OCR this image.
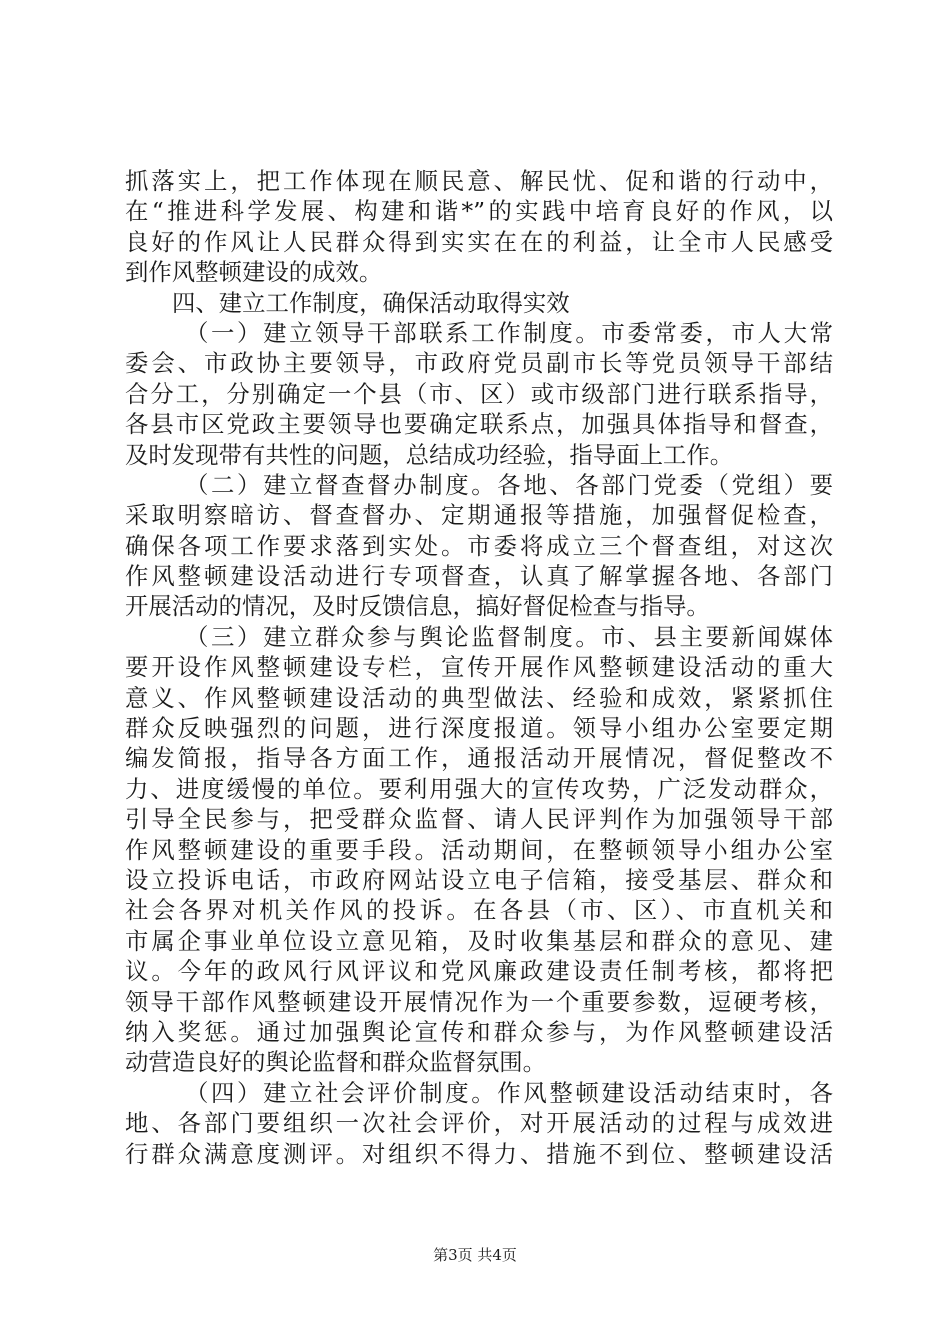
抓落实上，把工作体现在顺民意、解民忧、促和谐的行动中，
在“推进科学发展、构建和谐*”的实践中培育良好的作风，以
良好的作风让人民群众得到实实在在的利益，让全市人民感受
到作风整顿建设的成效。
四、建立工作制度，确保活动取得实效
（一）建立领导干部联系工作制度。市委常委，市人大常
委会、市政协主要领导，市政府党员副市长等党员领导干部结
合分工，分别确定一个县（市、区）或市级部门进行联系指导，
各县市区党政主要领导也要确定联系点，加强具体指导和督查，
及时发现带有共性的问题，总结成功经验，指导面上工作。
（二）建立督查督办制度。各地、各部门党委（党组）要
采取明察暗访、督查督办、定期通报等措施，加强督促检查，
确保各项工作要求落到实处。市委将成立三个督查组，对这次
作风整顿建设活动进行专项督查，认真了解掌握各地、各部门
开展活动的情况，及时反馈信息，搞好督促检查与指导。
（三）建立群众参与舆论监督制度。市、县主要新闻媒体
要开设作风整顿建设专栏，宣传开展作风整顿建设活动的重大
意义、作风整顿建设活动的典型做法、经验和成效，紧紧抓住
群众反映强烈的问题，进行深度报道。领导小组办公室要定期
编发简报，指导各方面工作，通报活动开展情况，督促整改不
力、进度缓慢的单位。要利用强大的宣传攻势，广泛发动群众，
引导全民参与，把受群众监督、请人民评判作为加强领导干部
作风整顿建设的重要手段。活动期间，在整顿领导小组办公室
设立投诉电话，市政府网站设立电子信箱，接受基层、群众和
社会各界对机关作风的投诉。在各县（市、区）、市直机关和
市属企事业单位设立意见箱，及时收集基层和群众的意见、建
议。今年的政风行风评议和党风廉政建设责任制考核，都将把
领导干部作风整顿建设开展情况作为一个重要参数，逗硬考核，
纳入奖惩。通过加强舆论宣传和群众参与，为作风整顿建设活
动营造良好的舆论监督和群众监督氛围。
（四）建立社会评价制度。作风整顿建设活动结束时，各
地、各部门要组织一次社会评价，对开展活动的过程与成效进
行群众满意度测评。对组织不得力、措施不到位、整顿建设活
第3页 共4页
